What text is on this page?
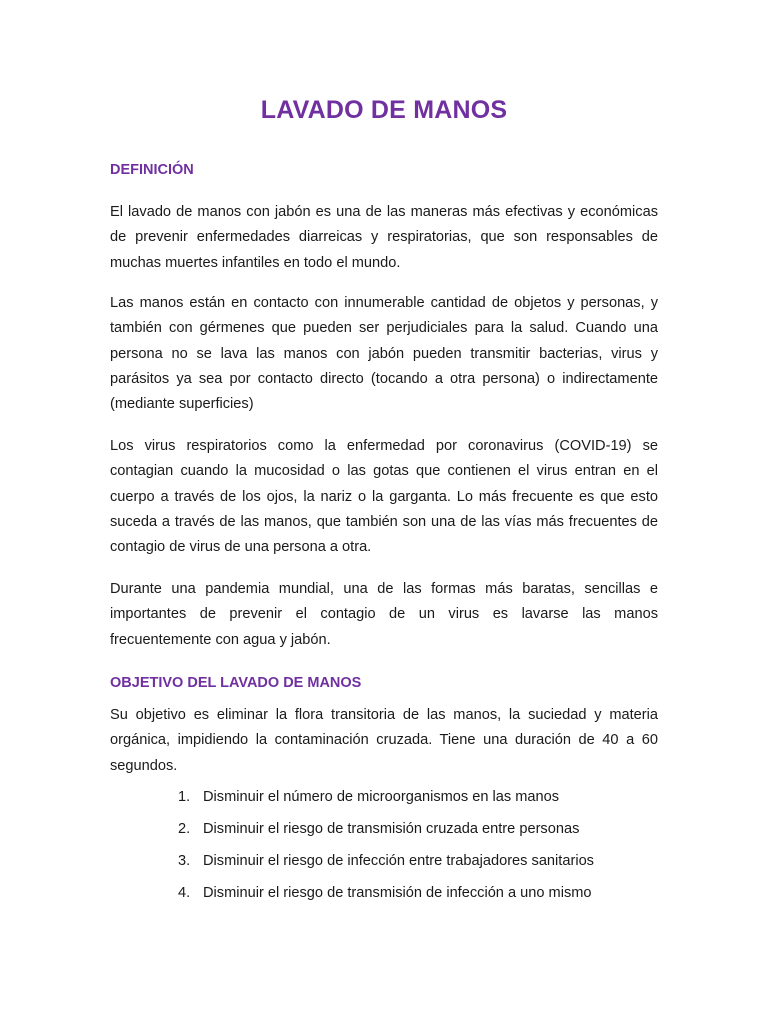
LAVADO DE MANOS
DEFINICIÓN

El lavado de manos con jabón es una de las maneras más efectivas y económicas de prevenir enfermedades diarreicas y respiratorias, que son responsables de muchas muertes infantiles en todo el mundo.

Las manos están en contacto con innumerable cantidad de objetos y personas, y también con gérmenes que pueden ser perjudiciales para la salud. Cuando una persona no se lava las manos con jabón pueden transmitir bacterias, virus y parásitos ya sea por contacto directo (tocando a otra persona) o indirectamente (mediante superficies)

Los virus respiratorios como la enfermedad por coronavirus (COVID-19) se contagian cuando la mucosidad o las gotas que contienen el virus entran en el cuerpo a través de los ojos, la nariz o la garganta. Lo más frecuente es que esto suceda a través de las manos, que también son una de las vías más frecuentes de contagio de virus de una persona a otra.

Durante una pandemia mundial, una de las formas más baratas, sencillas e importantes de prevenir el contagio de un virus es lavarse las manos frecuentemente con agua y jabón.

OBJETIVO DEL LAVADO DE MANOS

Su objetivo es eliminar la flora transitoria de las manos, la suciedad y materia orgánica, impidiendo la contaminación cruzada. Tiene una duración de 40 a 60 segundos.

1. Disminuir el número de microorganismos en las manos
2. Disminuir el riesgo de transmisión cruzada entre personas
3. Disminuir el riesgo de infección entre trabajadores sanitarios
4. Disminuir el riesgo de transmisión de infección a uno mismo
